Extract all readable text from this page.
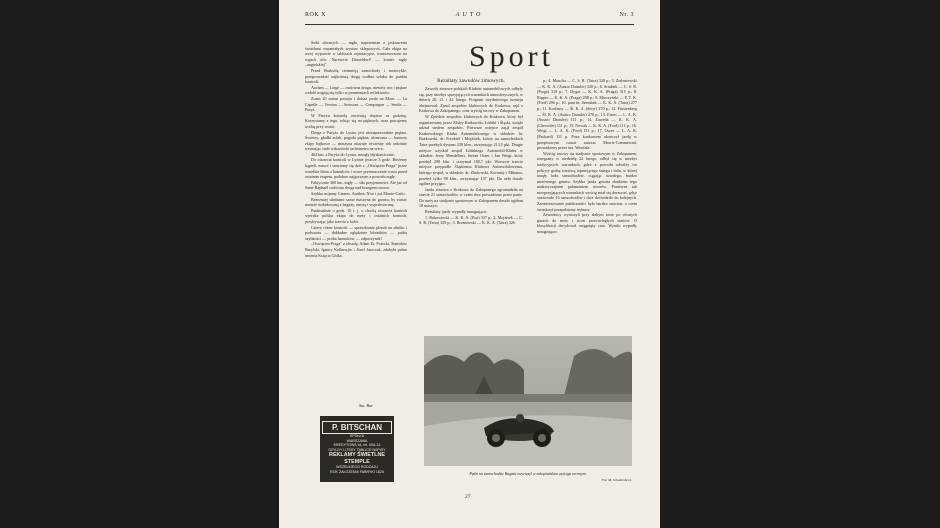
ROK X	AUTO	Nr. 3

Setki ulicznych — mgło, naprzemian z jaskrawemi światłami wspaniałych wystaw sklepowych. Cała ekipa na owej wyprawie w tablicach orjentacyjne, rozmieszczone na rogach ulic. Nareszcie Düsseldorf! — koniec mgły ,,angielskiej".

Przed Brukselą ciemnieją samochody i motocykle, przeprowadzić najkrótszą drogę wzdłuż szlaku do punktu kontroli.

Aachen — Liege — cudowna droga, niestety noc i piękne widoki migają się tylko w promieniach reflektorów.

Zrana 20 minut postoju i dalsza jazda na Mons — La Capelle — Vervins — Soissons — Compiegne — Senlis — Paryż.

W Paryżu kontrolę otwierają dopiero za godzinę. Korzystamy z tego, robiąc się na pięknych, oraz pracujemy trochę przy wozie.

Droga z Paryża do Lyonu jest niezaprzeczalnie piękna. Świetny, gładki asfalt, pogoda piękna, słoneczna — humory ekipy bajkowe — maszyna okazuje rówieśny rok radośnie trzymając stałe wskazówki tachometru na setce.

462 km. z Paryża do Lyonu, minęły błyskawicznie.

Do otwarcia kontroli w Lyonie jeszcze 3 godz. Bieżemy kąpieli, maszć i stawiamy się dziś z ,,Oświęcim-Praga" przez wszelkie błota a kamulców i nowe przeznaczenie wozu przed ostatnim etapem, podobno najgorszym a powodu mgły.

Faktycznie 300 km. mgły — siła przyjemności. Ale już od Saint-Raphaël cudowna droga nad brzegiem morza.

Szybko mijamy Cannes, Antibes, Nice i już Monte-Carlo.

Bezeznaej silnikami samo maszyna do garażu, by zostać narazie rozładowaną z bagaży, umytą i wypolerowaną.

Punktualnie o godz. 10 t. j. o chwilą otwarcia kontroli wjeżdża polska ekipa do mety i ostatnich kontroli, przybywając jako trzecia z kolei.

Cztery różne kontrole — sprawdzanie plomb na silniku i podwoziu — dokładne oględzinie błotników — próba szybkości — próba hamulców — odpoczynek!

,,Oświęcim-Praga" z obsadą: Adam Er. Potocki, Stanisław Barylski, Ignacy Kolbuszjio i Józef Jaszczak, zdobyła puhar imienia Księcia Ghika.

Sta. Bar.
Sport
Rezultaty zawodów zimowych.

Zawody zimowe polskich Klubów automobilowych odbyły się, przy niezbyt sprzyjających warunkach atmosferycznych, w dniach 20, 21 i 22 lutego. Program trzydniowego turnieju obejmował: Zjazd zespołów klubowych do Krakowa, rajd z Krakowa do Zakopanego, oraz wyścig torowy w Zakopanem.

W Zjeździe zespołów klubowych do Krakowa, który był organizowany przez Kluby Krakowski, Łódzki i Śląski, wzięło udział siedem zespołów. Pierwsze miejsce zajął zespół Krakowskiego Klubu Automobilowego w składzie: hr. Bożkowski, dr. Freokiel i Mojżisek, którzy na samochodach Tatra przebyli dystans 238 klm., otrzymując 213,5 pkt. Drugie miejsce uzyskał zespół Łódzkiego Automobil-Klubu w składzie: Jerzy Mendelbert, Stefan Oszer i Jan Weigt, który przebył 290 klm. i otrzymał 180,7 pkt. Wreszcie trzecie miejsce przypadło Śląskiemu Klubowi Automobilowemu, którego zespół, w składzie: dr. Zbińowski, Kornatty i Mikutus, przebył tylko 98 klm., otrzymując 137 pkt. Do zeła dosale ogólne przyjęto.

Jazda zimowa z Krakowa do Zakopanego zgromadziła na starcie 21 samochodów, w czem dwa prowadzone przez panie. Do mety na stadjonie sportowym w Zakopanem doszło ogółem 18 maszyn.

Rezultaty jazdy wypadły następująco:

1. Bukowiecki — K. K. A. (Fiat) 337 p.; 2. Mojżisek — C. S. R. (Tatra) 329 p.; 3. Broniowski — K. K. A. (Tatra) 326

p.; 4. Moucka — C. S. R. (Tatra) 320 p.; 5. Zieleniewski — K. K. A. (Austro Daimler) 320 p.; 6. Srnabek — C. S. R. (Praga) 318 p.; 7. Dygat — K. K. A. (Praga) 315 p.; 8. Ripper — K. K. A. (Praga) 298 p.; 9. Mieczyński — P. T. K. (Ford) 296 p.; 10. pani hr. Szembek — K. K. A. (Tatra) 277 p.; 11. Korfanty — Śl. K. A. (Steyr) 270 p.; 12. Fürstenberg — Śl. K. A. (Austro Daimler) 270 p.; 13. Eisert — L. A. K. (Austro Daimler) 111 p.; 14. Zaweda — K. K. A. (Chevrolet) 111 p.; 15. Nowak — K. K. A. (Ford) 111 p.; 16. Weigt — L. A. K. (Ford) 111 p.; 17. Oszer — L. A. K. (Packard) 111 p. Poza konkursem ukończył jazdę w przepisowym czasie autocar Morris-Commercial, prowadzony przez inż. Westfala.

Wyścig torowy na stadjonie sportowym w Zakopanem, rozegrany w niedzielę 22 lutego, odbył się w niezbyt tradycyjnych warunkach, gdyż z powodu odwilży tor pokryty grubą warstwą topniejącego śniegu i lodu, w której tonęły koła samochodów, ciągając twardego, bardzo nierównego gruntu. Szybka jazda grozita skutkiem tego nadzwyczajnem połamaniem resorów. Ponieważ tak nieoprzyjających warunkach wyścig miał się dorzucać, gdyż startowało 16 samochodów i dwa dochodziło do kolejnych. Zainteresowanie publiczności było bardzo znaczne, o czem świadczył przepełniony trybuny.

Zawodnicy wyruszyli przy słabym torze po równych gazach do mety i stron przeciwległych startów. O klasyfikacji decydował osiągnięty czas. Wyniki wypadły następująco:

P. BITSCHAN
SPÓŁKA
WARSZAWA
KREDYTOWA 16, tel. 606-13
SZYLDY LITERY TABLICE NAPISY
REKLAMY ŚWIETLNE
STEMPLE
WSZELKIEGO RODZAJU
ROK ZAŁOŻENIA FABRYKI 1828
Pędzi na samochodzie Bugatti zwycięzyl w zakopiańskim wyścigu torowym.
Fot. M. Schabenbeck.
27
